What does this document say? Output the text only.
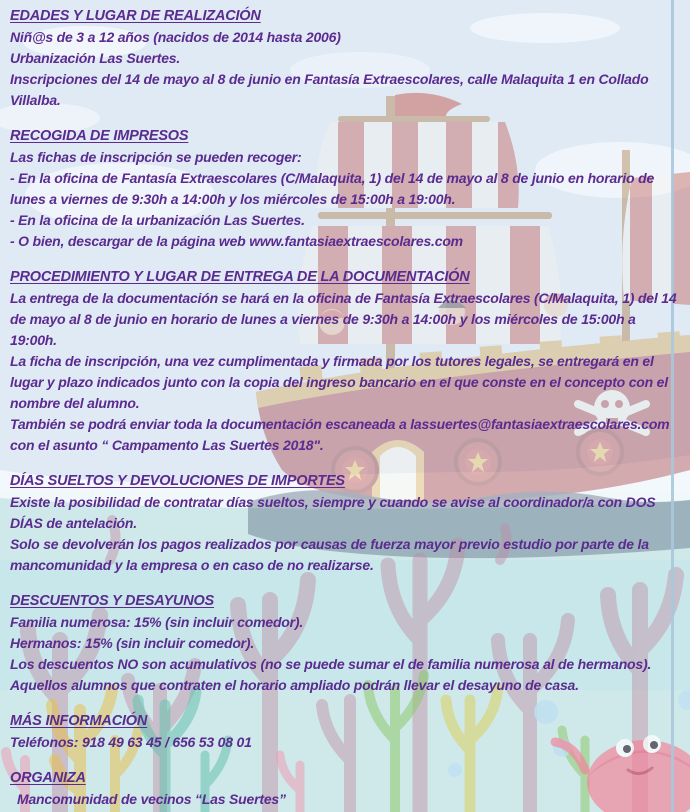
EDADES Y LUGAR DE REALIZACIÓN

Niñ@s de 3 a 12 años (nacidos de 2014 hasta 2006)

Urbanización Las Suertes.

Inscripciones del 14 de mayo al 8 de junio en Fantasía Extraescolares, calle Malaquita 1 en Collado Villalba.

RECOGIDA DE IMPRESOS

Las fichas de inscripción se pueden recoger:

- En la oficina de Fantasía Extraescolares (C/Malaquita, 1) del 14 de mayo al 8 de junio en horario de lunes a viernes de 9:30h a 14:00h y los miércoles de 15:00h a 19:00h.

- En la oficina de la urbanización Las Suertes.

- O bien, descargar de la página web www.fantasiaextraescolares.com

PROCEDIMIENTO Y LUGAR DE ENTREGA DE LA DOCUMENTACIÓN

La entrega de la documentación se hará en la oficina de Fantasía Extraescolares (C/Malaquita, 1) del 14 de mayo al 8 de junio en horario de lunes a viernes de 9:30h a 14:00h y los miércoles de 15:00h a 19:00h.

La ficha de inscripción, una vez cumplimentada y firmada por los tutores legales, se entregará en el lugar y plazo indicados junto con la copia del ingreso bancario en el que conste en el concepto con el nombre del alumno.

También se podrá enviar toda la documentación escaneada a lassuertes@fantasiaextraescolares.com con el asunto “ Campamento Las Suertes 2018".

DÍAS SUELTOS Y DEVOLUCIONES DE IMPORTES

Existe la posibilidad de contratar días sueltos, siempre y cuando se avise al coordinador/a con DOS DÍAS de antelación.

Solo se devolverán los pagos realizados por causas de fuerza mayor previo estudio por parte de la mancomunidad y la empresa o en caso de no realizarse.

DESCUENTOS Y DESAYUNOS

Familia numerosa: 15% (sin incluir comedor).

Hermanos: 15% (sin incluir comedor).

Los descuentos NO son acumulativos (no se puede sumar el de familia numerosa al de hermanos).

Aquellos alumnos que contraten el horario ampliado podrán llevar el desayuno de casa.

MÁS INFORMACIÓN

Teléfonos: 918 49 63 45 / 656 53 08 01

ORGANIZA

Mancomunidad de vecinos “Las Suertes”
